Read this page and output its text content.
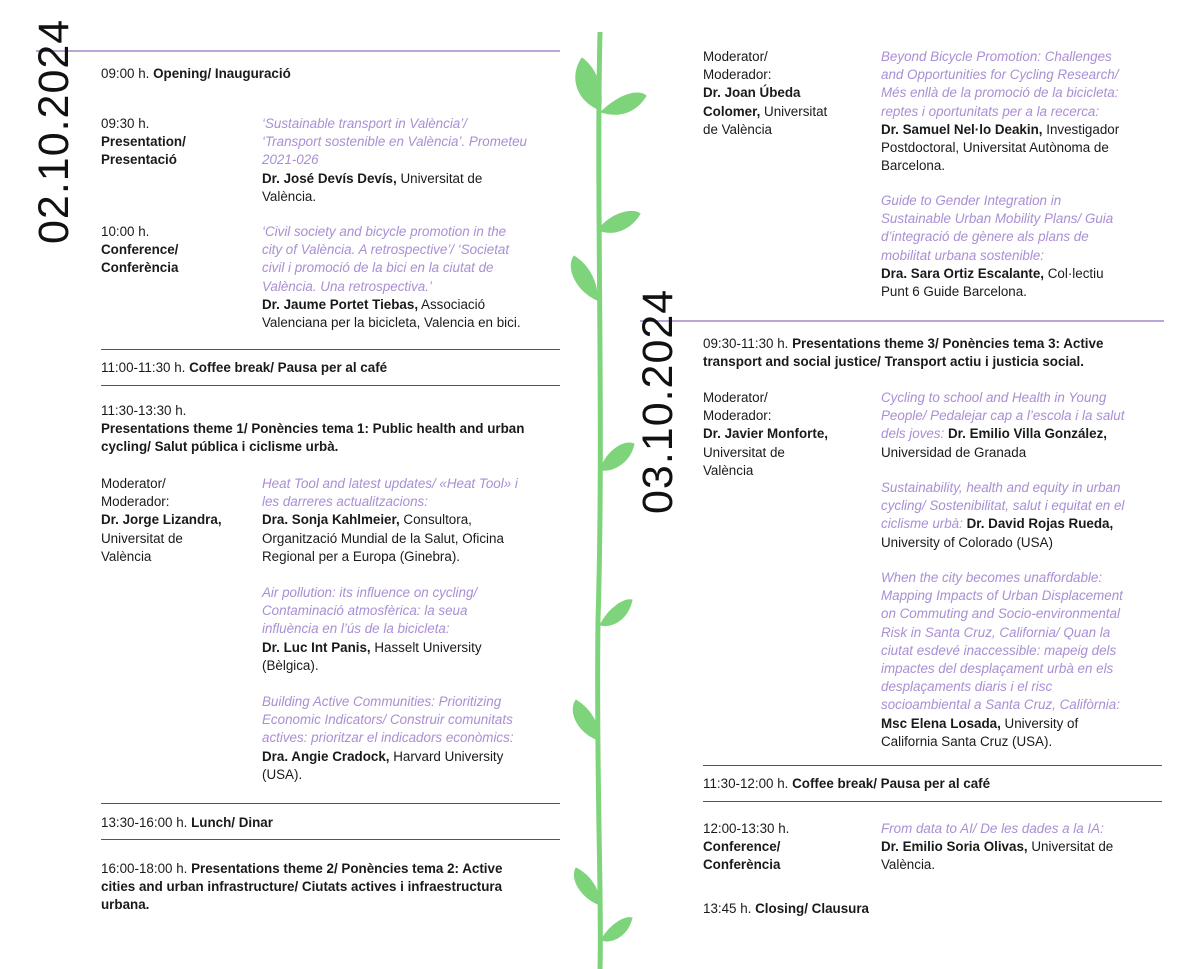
02.10.2024 09:00 h. Opening/ Inauguració
09:30 h.
Presentation/
Presentació
‘Sustainable transport in València’/
‘Transport sostenible en València’. Prometeu
2021-026
Dr. José Devís Devís, Universitat de
València.
10:00 h.
Conference/
Conferència
‘Civil society and bicycle promotion in the
city of València. A retrospective’/ ‘Societat
civil i promoció de la bici en la ciutat de
València. Una retrospectiva.’
Dr. Jaume Portet Tiebas, Associació
Valenciana per la bicicleta, Valencia en bici.
11:00-11:30 h. Coffee break/ Pausa per al café
11:30-13:30 h.
Presentations theme 1/ Ponències tema 1: Public health and urban
cycling/ Salut pública i ciclisme urbà.
Moderator/
Moderador:
Dr. Jorge Lizandra,
Universitat de
València
Heat Tool and latest updates/ «Heat Tool» i
les darreres actualitzacions:
Dra. Sonja Kahlmeier, Consultora,
Organització Mundial de la Salut, Oficina
Regional per a Europa (Ginebra).
Air pollution: its influence on cycling/
Contaminació atmosfèrica: la seua
influència en l’ús de la bicicleta:
Dr. Luc Int Panis, Hasselt University
(Bèlgica).
Building Active Communities: Prioritizing
Economic Indicators/ Construir comunitats
actives: prioritzar el indicadors econòmics:
Dra. Angie Cradock, Harvard University
(USA).
13:30-16:00 h. Lunch/ Dinar
16:00-18:00 h. Presentations theme 2/ Ponències tema 2: Active
cities and urban infrastructure/ Ciutats actives i infraestructura
urbana.
Moderator/
Moderador:
Dr. Joan Úbeda
Colomer, Universitat
de València
Beyond Bicycle Promotion: Challenges
and Opportunities for Cycling Research/
Més enllà de la promoció de la bicicleta:
reptes i oportunitats per a la recerca:
Dr. Samuel Nel·lo Deakin, Investigador
Postdoctoral, Universitat Autònoma de
Barcelona.
Guide to Gender Integration in
Sustainable Urban Mobility Plans/ Guia
d’integració de gènere als plans de
mobilitat urbana sostenible:
Dra. Sara Ortiz Escalante, Col·lectiu
Punt 6 Guide Barcelona.
03.10.2024 09:30-11:30 h. Presentations theme 3/ Ponències tema 3: Active
transport and social justice/ Transport actiu i justicia social.
Moderator/
Moderador:
Dr. Javier Monforte,
Universitat de
València
Cycling to school and Health in Young
People/ Pedalejar cap a l’escola i la salut
dels joves: Dr. Emilio Villa González,
Universidad de Granada
Sustainability, health and equity in urban
cycling/ Sostenibilitat, salut i equitat en el
ciclisme urbà: Dr. David Rojas Rueda,
University of Colorado (USA)
When the city becomes unaffordable:
Mapping Impacts of Urban Displacement
on Commuting and Socio-environmental
Risk in Santa Cruz, California/ Quan la
ciutat esdevé inaccessible: mapeig dels
impactes del desplaçament urbà en els
desplaçaments diaris i el risc
socioambiental a Santa Cruz, Califòrnia:
Msc Elena Losada, University of
California Santa Cruz (USA).
11:30-12:00 h. Coffee break/ Pausa per al café
12:00-13:30 h.
Conference/
Conferència
From data to AI/ De les dades a la IA:
Dr. Emilio Soria Olivas, Universitat de
València.
13:45 h. Closing/ Clausura
